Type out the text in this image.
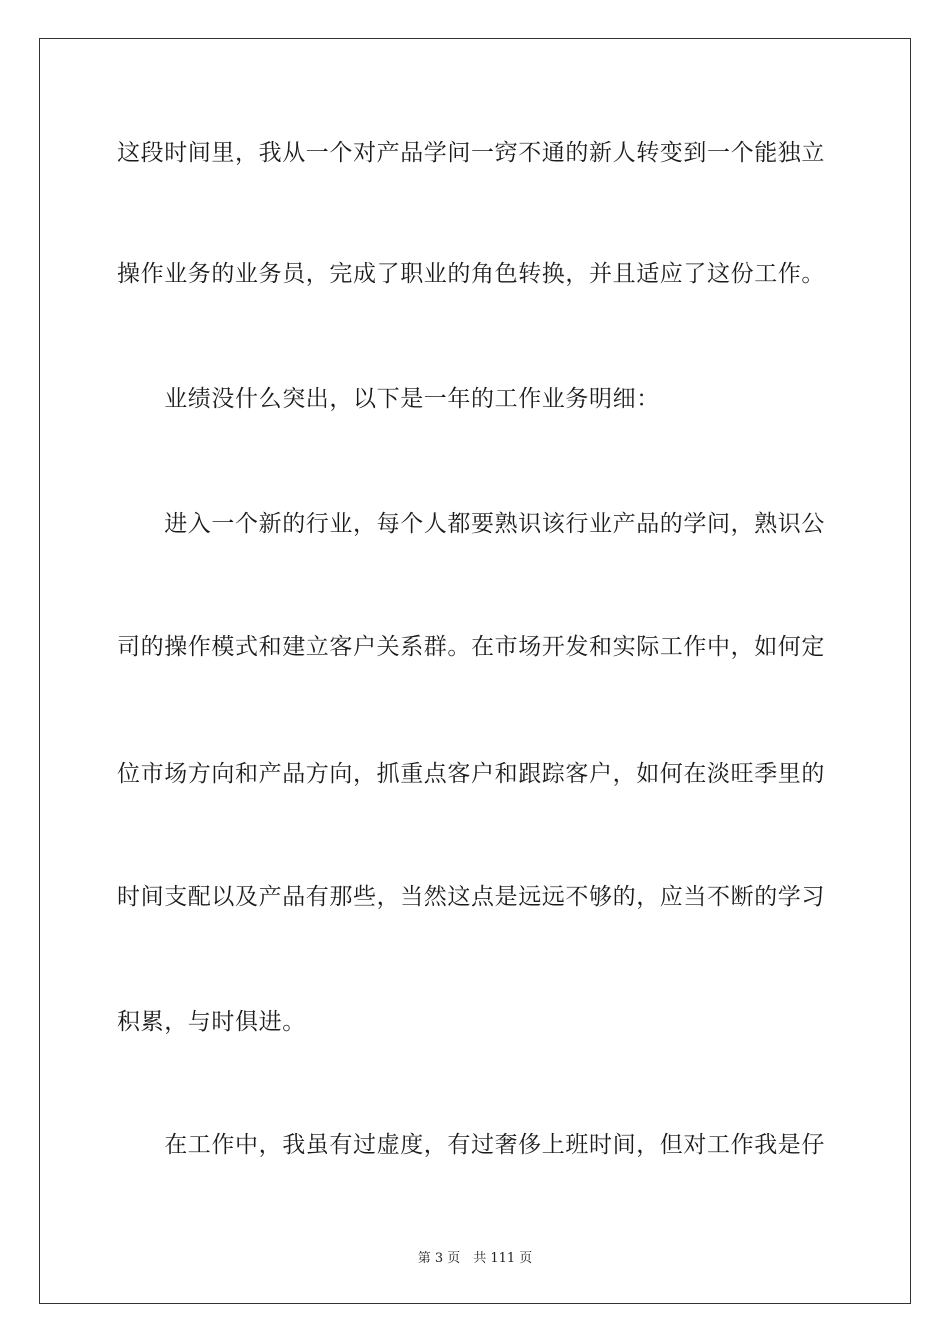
这段时间里，我从一个对产品学问一窍不通的新人转变到一个能独立
操作业务的业务员，完成了职业的角色转换，并且适应了这份工作。
　　业绩没什么突出，以下是一年的工作业务明细：
　　进入一个新的行业，每个人都要熟识该行业产品的学问，熟识公
司的操作模式和建立客户关系群。在市场开发和实际工作中，如何定
位市场方向和产品方向，抓重点客户和跟踪客户，如何在淡旺季里的
时间支配以及产品有那些，当然这点是远远不够的，应当不断的学习
积累，与时俱进。
　　在工作中，我虽有过虚度，有过奢侈上班时间，但对工作我是仔
第 3 页　共 111 页
